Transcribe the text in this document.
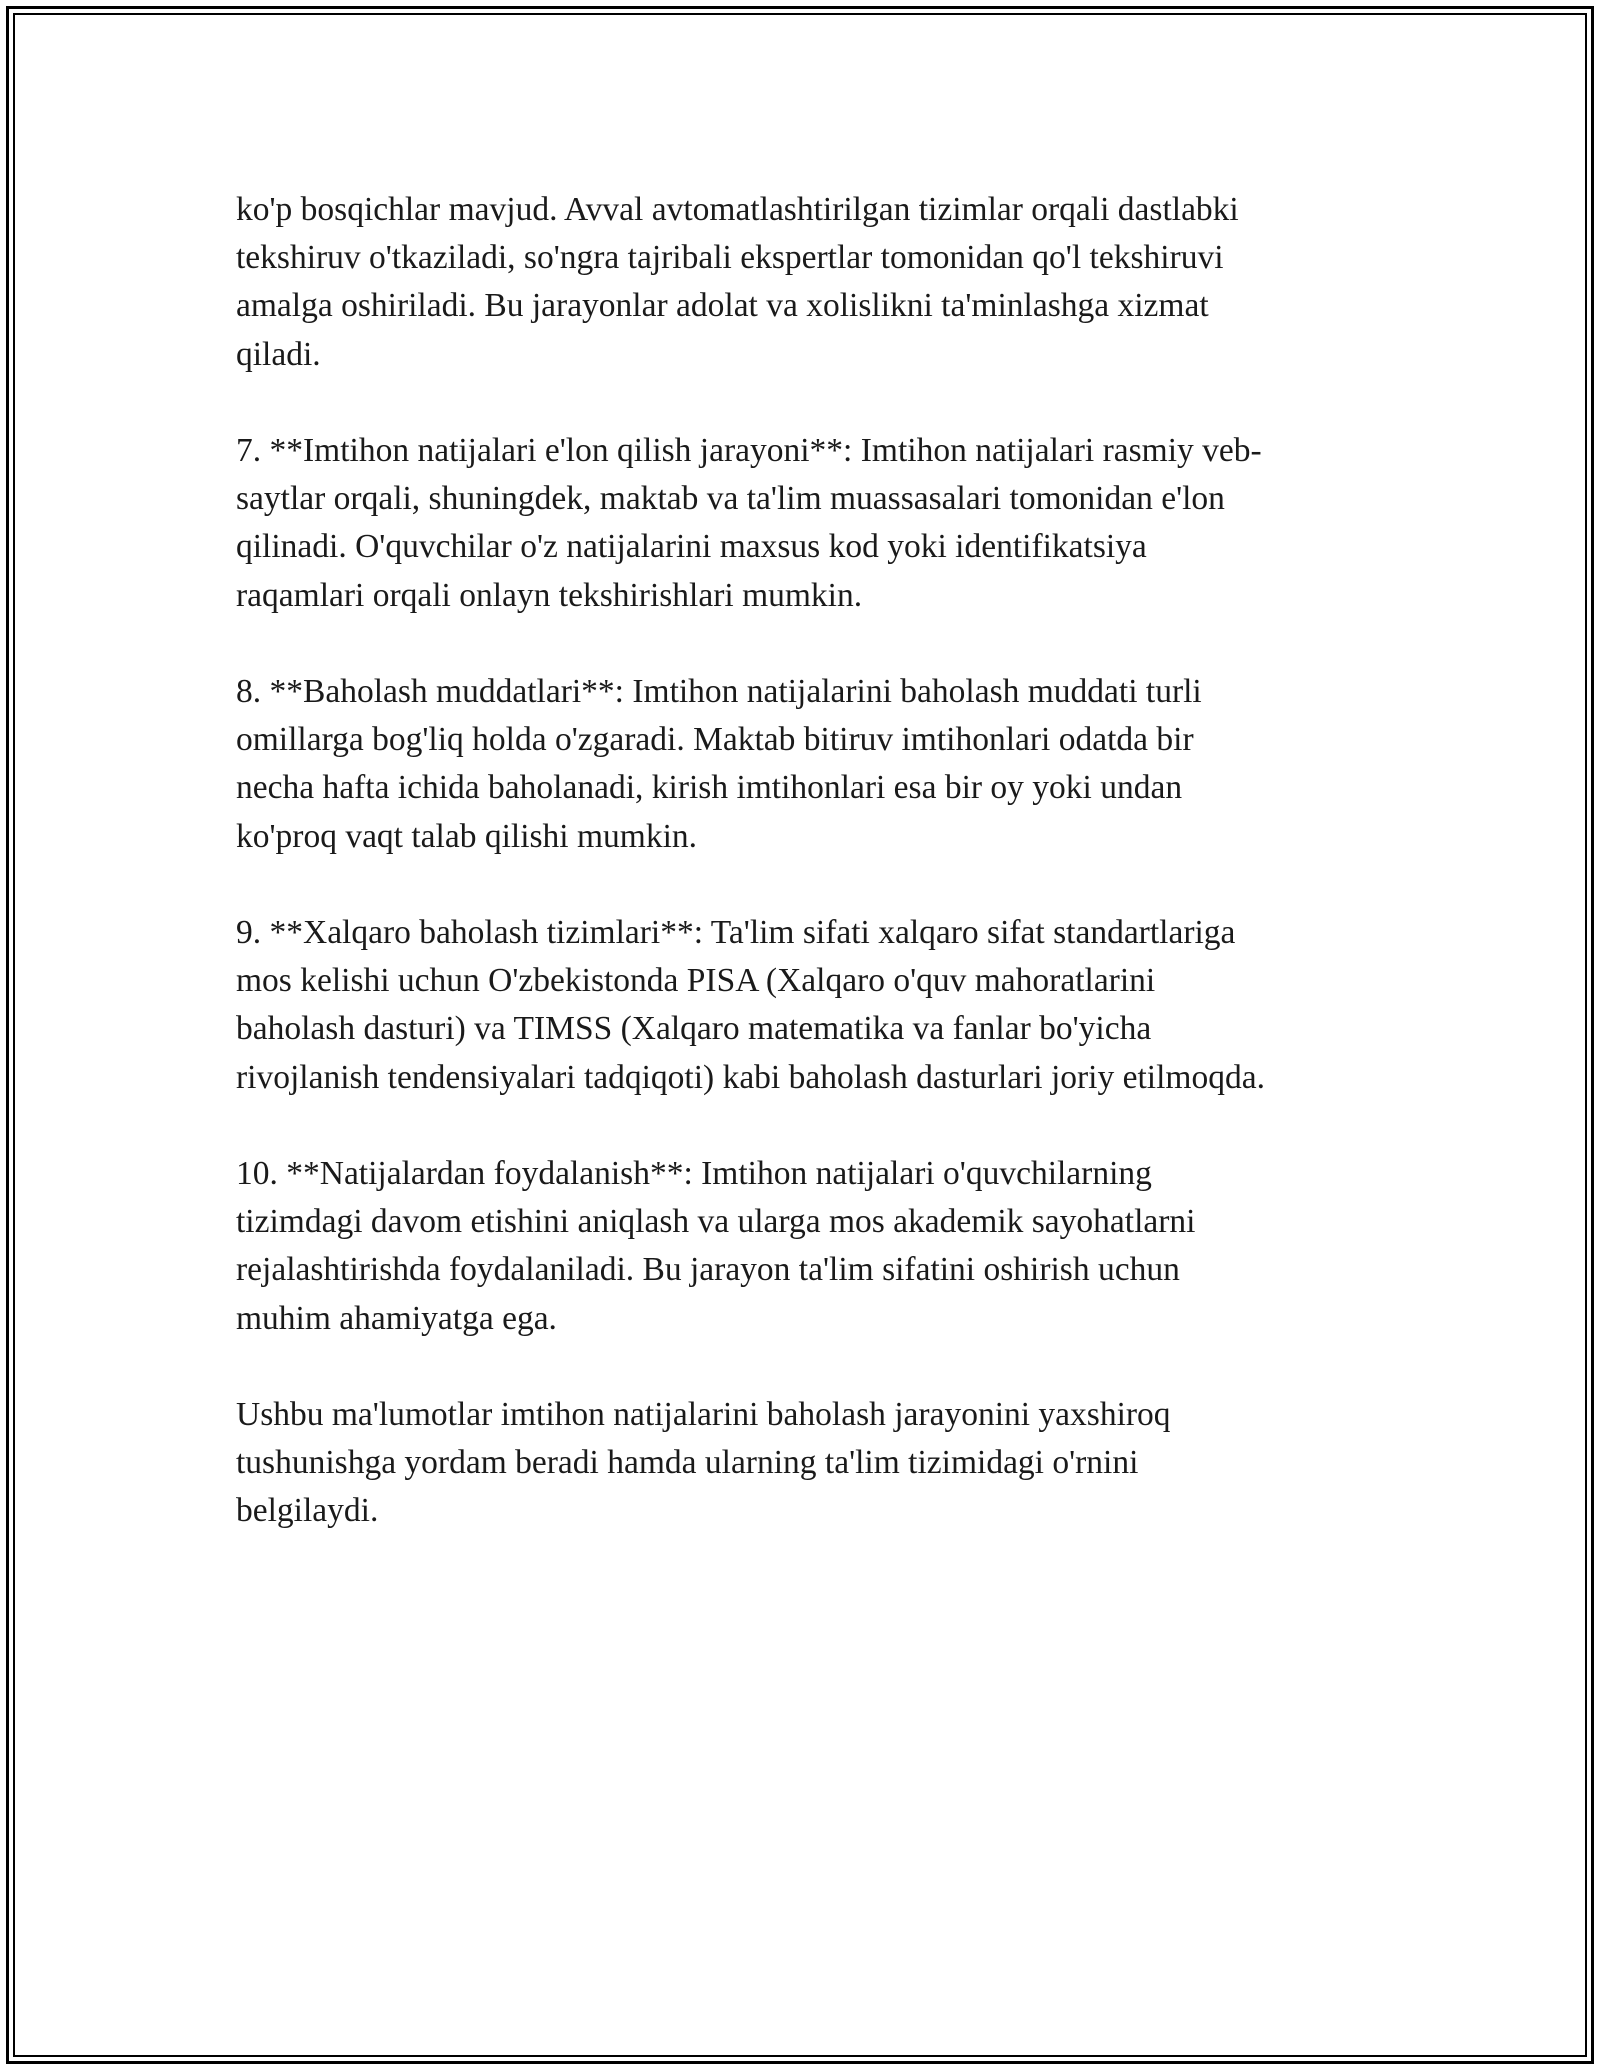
ko'p bosqichlar mavjud. Avval avtomatlashtirilgan tizimlar orqali dastlabki
tekshiruv o'tkaziladi, so'ngra tajribali ekspertlar tomonidan qo'l tekshiruvi
amalga oshiriladi. Bu jarayonlar adolat va xolislikni ta'minlashga xizmat
qiladi.

7. **Imtihon natijalari e'lon qilish jarayoni**: Imtihon natijalari rasmiy veb-
saytlar orqali, shuningdek, maktab va ta'lim muassasalari tomonidan e'lon
qilinadi. O'quvchilar o'z natijalarini maxsus kod yoki identifikatsiya
raqamlari orqali onlayn tekshirishlari mumkin.

8. **Baholash muddatlari**: Imtihon natijalarini baholash muddati turli
omillarga bog'liq holda o'zgaradi. Maktab bitiruv imtihonlari odatda bir
necha hafta ichida baholanadi, kirish imtihonlari esa bir oy yoki undan
ko'proq vaqt talab qilishi mumkin.

9. **Xalqaro baholash tizimlari**: Ta'lim sifati xalqaro sifat standartlariga
mos kelishi uchun O'zbekistonda PISA (Xalqaro o'quv mahoratlarini
baholash dasturi) va TIMSS (Xalqaro matematika va fanlar bo'yicha
rivojlanish tendensiyalari tadqiqoti) kabi baholash dasturlari joriy etilmoqda.

10. **Natijalardan foydalanish**: Imtihon natijalari o'quvchilarning
tizimdagi davom etishini aniqlash va ularga mos akademik sayohatlarni
rejalashtirishda foydalaniladi. Bu jarayon ta'lim sifatini oshirish uchun
muhim ahamiyatga ega.

Ushbu ma'lumotlar imtihon natijalarini baholash jarayonini yaxshiroq
tushunishga yordam beradi hamda ularning ta'lim tizimidagi o'rnini
belgilaydi.
